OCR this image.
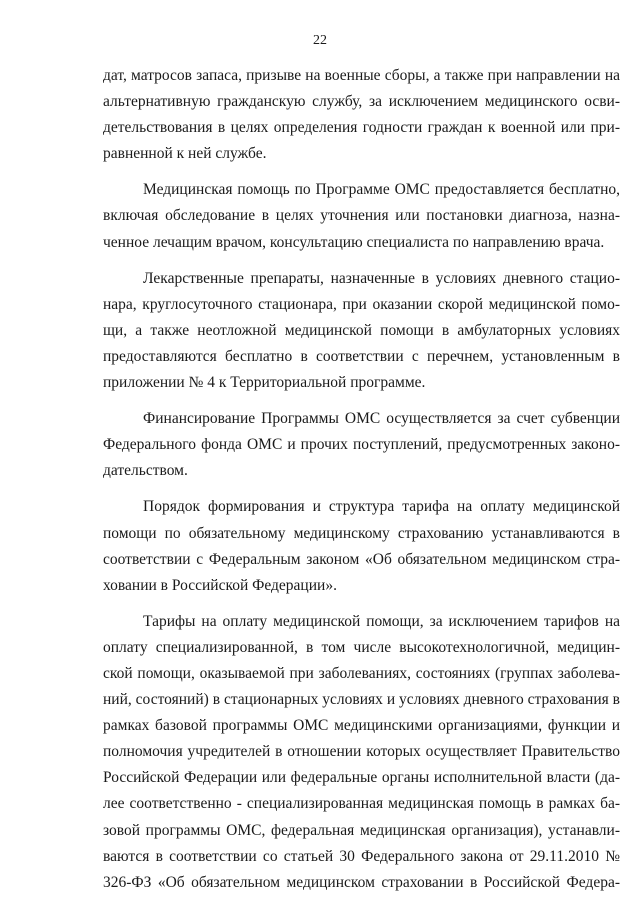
22
дат, матросов запаса, призыве на военные сборы, а также при направлении на
альтернативную гражданскую службу, за исключением медицинского осви-
детельствования в целях определения годности граждан к военной или при-
равненной к ней службе.
Медицинская помощь по Программе ОМС предоставляется бесплатно,
включая обследование в целях уточнения или постановки диагноза, назна-
ченное лечащим врачом, консультацию специалиста по направлению врача.
Лекарственные препараты, назначенные в условиях дневного стацио-
нара, круглосуточного стационара, при оказании скорой медицинской помо-
щи, а также неотложной медицинской помощи в амбулаторных условиях
предоставляются бесплатно в соответствии с перечнем, установленным в
приложении № 4 к Территориальной программе.
Финансирование Программы ОМС осуществляется за счет субвенции
Федерального фонда ОМС и прочих поступлений, предусмотренных законо-
дательством.
Порядок формирования и структура тарифа на оплату медицинской
помощи по обязательному медицинскому страхованию устанавливаются в
соответствии с Федеральным законом «Об обязательном медицинском стра-
ховании в Российской Федерации».
Тарифы на оплату медицинской помощи, за исключением тарифов на
оплату специализированной, в том числе высокотехнологичной, медицин-
ской помощи, оказываемой при заболеваниях, состояниях (группах заболева-
ний, состояний) в стационарных условиях и условиях дневного страхования в
рамках базовой программы ОМС медицинскими организациями, функции и
полномочия учредителей в отношении которых осуществляет Правительство
Российской Федерации или федеральные органы исполнительной власти (да-
лее соответственно - специализированная медицинская помощь в рамках ба-
зовой программы ОМС, федеральная медицинская организация), устанавли-
ваются в соответствии со статьей 30 Федерального закона от 29.11.2010 №
326-ФЗ «Об обязательном медицинском страховании в Российской Федера-
